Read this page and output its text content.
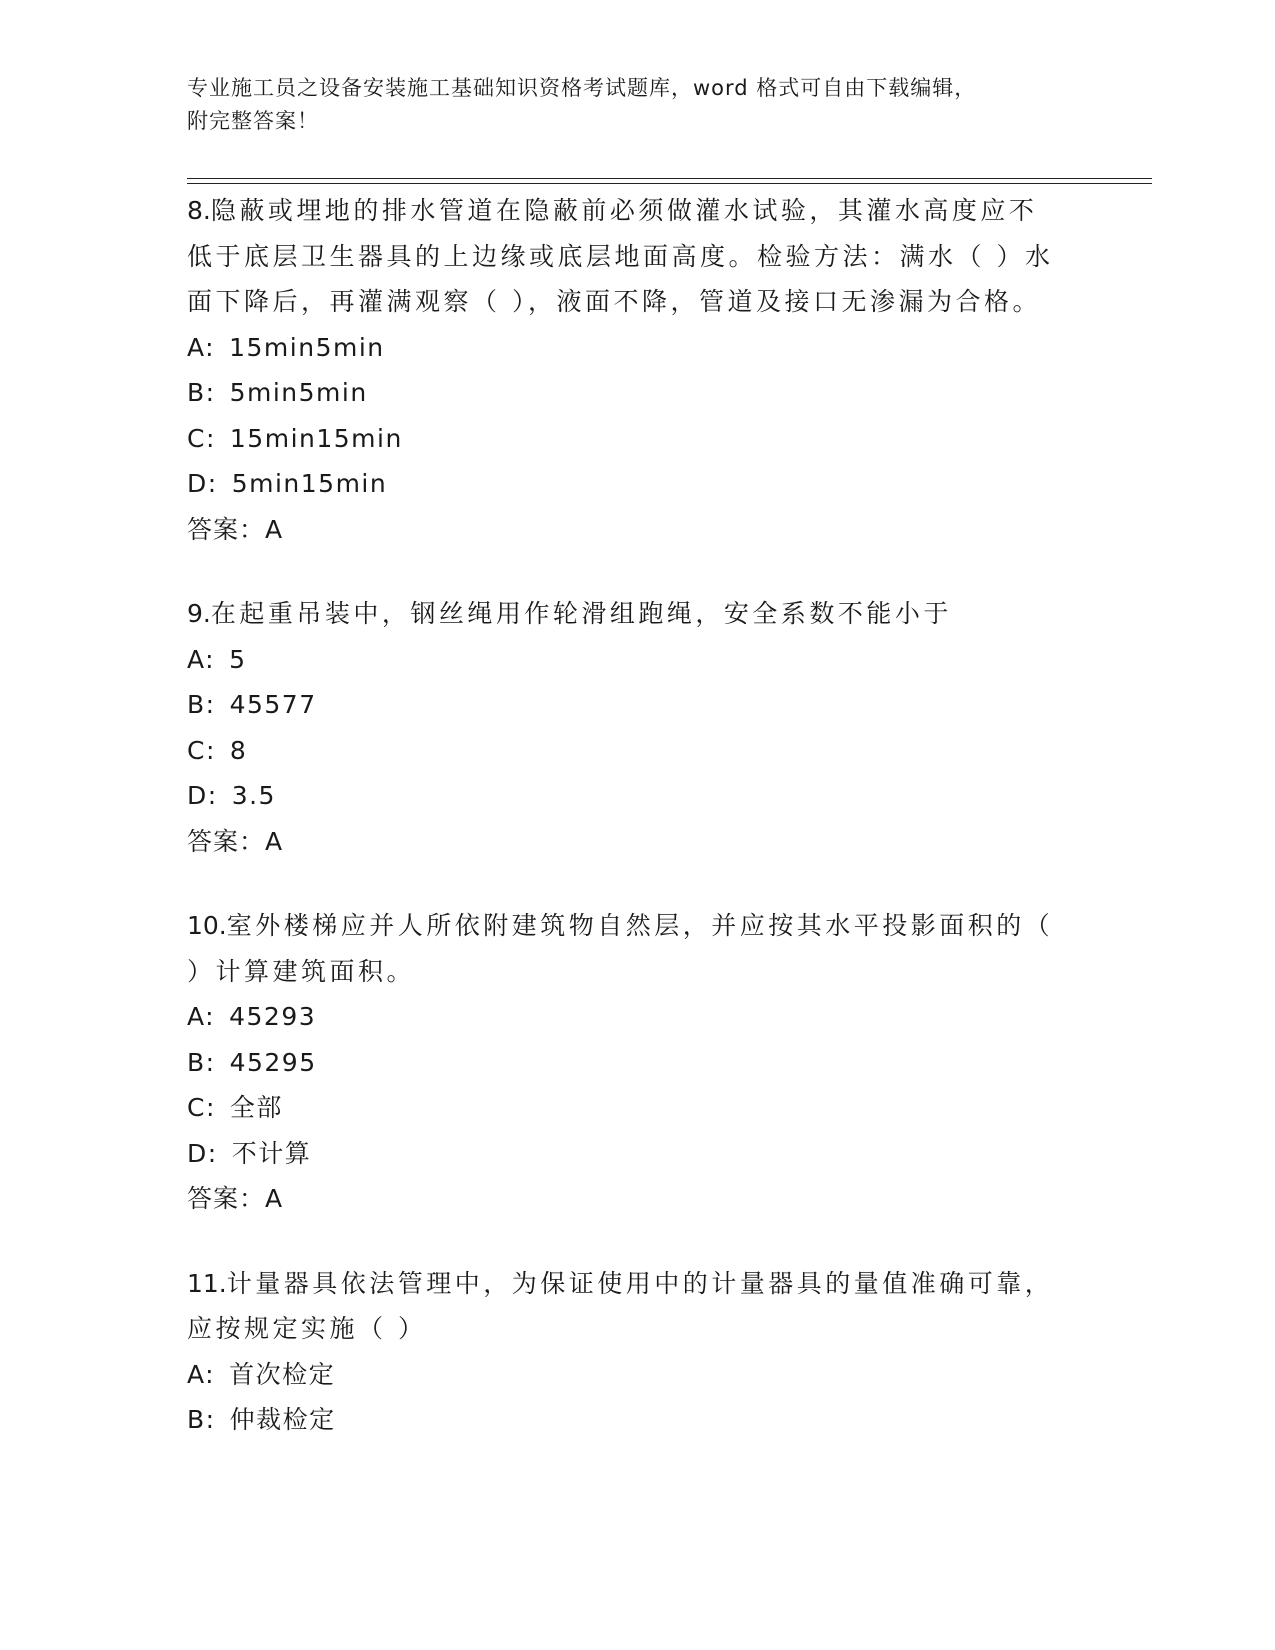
专业施工员之设备安装施工基础知识资格考试题库，word 格式可自由下载编辑，
附完整答案！
8.隐蔽或埋地的排水管道在隐蔽前必须做灌水试验，其灌水高度应不
低于底层卫生器具的上边缘或底层地面高度。检验方法：满水（ ）水
面下降后，再灌满观察（ ），液面不降，管道及接口无渗漏为合格。
A: 15min5min
B: 5min5min
C: 15min15min
D: 5min15min
答案：A
9.在起重吊装中，钢丝绳用作轮滑组跑绳，安全系数不能小于
A: 5
B: 45577
C: 8
D: 3.5
答案：A
10.室外楼梯应并人所依附建筑物自然层，并应按其水平投影面积的（
）计算建筑面积。
A: 45293
B: 45295
C: 全部
D: 不计算
答案：A
11.计量器具依法管理中，为保证使用中的计量器具的量值准确可靠，
应按规定实施（ ）
A: 首次检定
B: 仲裁检定
